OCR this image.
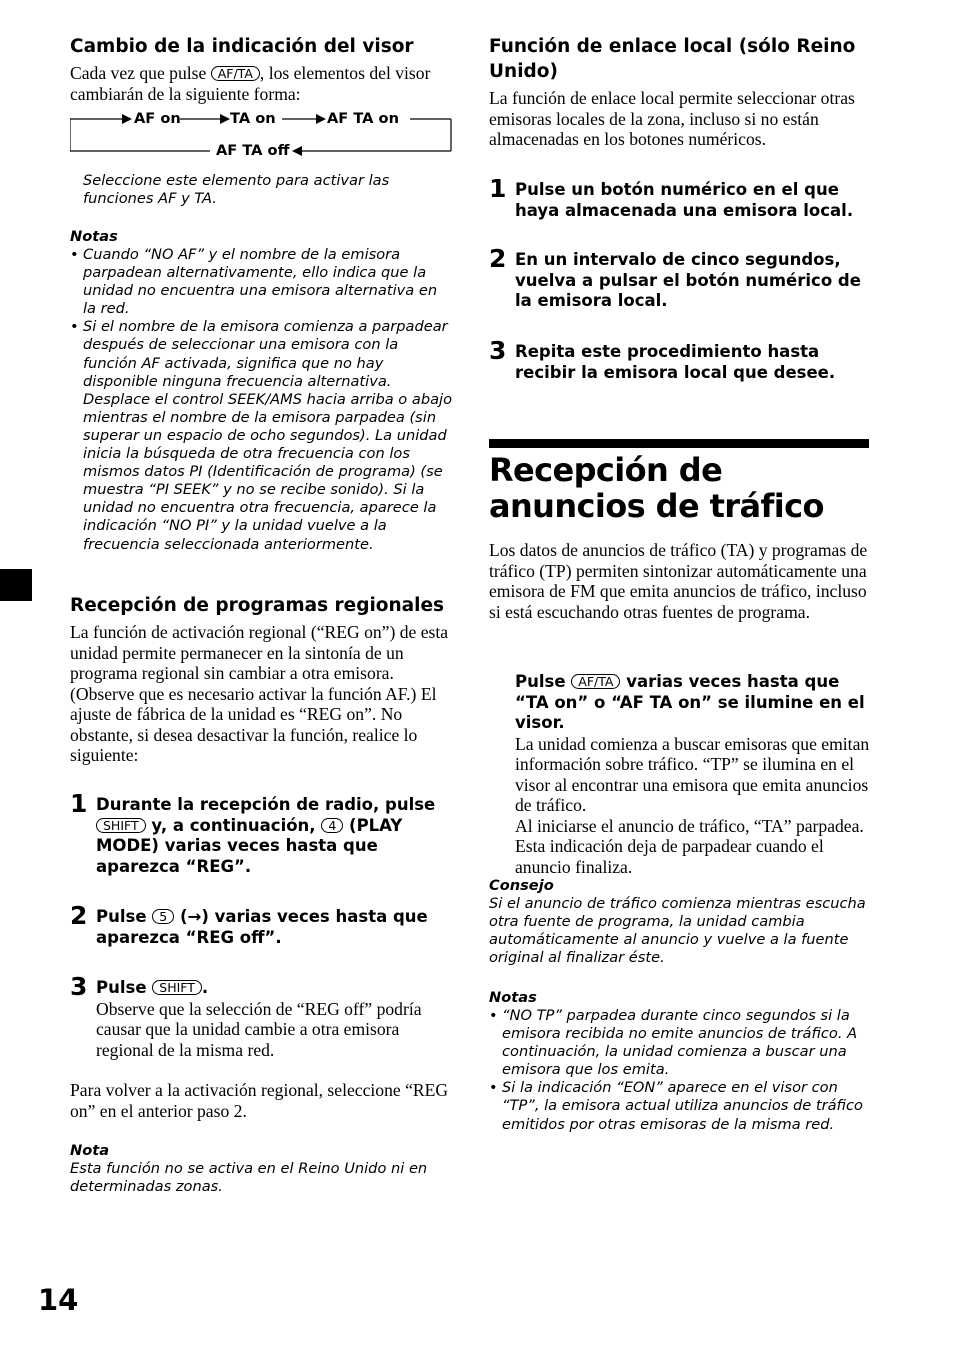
Cambio de la indicación del visor

Cada vez que pulse AF/TA , los elementos del visor cambiarán de la siguiente forma:

AF on	TA on	AF TA on
AF TA off

Seleccione este elemento para activar las funciones AF y TA.

Notas

• Cuando “NO AF” y el nombre de la emisora parpadean alternativamente, ello indica que la unidad no encuentra una emisora alternativa en la red.

• Si el nombre de la emisora comienza a parpadear después de seleccionar una emisora con la función AF activada, significa que no hay disponible ninguna frecuencia alternativa. Desplace el control SEEK/AMS hacia arriba o abajo mientras el nombre de la emisora parpadea (sin superar un espacio de ocho segundos). La unidad inicia la búsqueda de otra frecuencia con los mismos datos PI (Identificación de programa) (se muestra “PI SEEK” y no se recibe sonido). Si la unidad no encuentra otra frecuencia, aparece la indicación “NO PI” y la unidad vuelve a la frecuencia seleccionada anteriormente.

Recepción de programas regionales

La función de activación regional (“REG on”) de esta unidad permite permanecer en la sintonía de un programa regional sin cambiar a otra emisora. (Observe que es necesario activar la función AF.) El ajuste de fábrica de la unidad es “REG on”. No obstante, si desea desactivar la función, realice lo siguiente:

1 Durante la recepción de radio, pulse SHIFT y, a continuación, 4 (PLAY MODE) varias veces hasta que aparezca “REG”.
2 Pulse 5 (→) varias veces hasta que aparezca “REG off”.
3 Pulse SHIFT .
Observe que la selección de “REG off” podría causar que la unidad cambie a otra emisora regional de la misma red.

Para volver a la activación regional, seleccione “REG on” en el anterior paso 2.

Nota

Esta función no se activa en el Reino Unido ni en determinadas zonas.

14
Función de enlace local (sólo Reino Unido)

La función de enlace local permite seleccionar otras emisoras locales de la zona, incluso si no están almacenadas en los botones numéricos.

1 Pulse un botón numérico en el que haya almacenada una emisora local.
2 En un intervalo de cinco segundos, vuelva a pulsar el botón numérico de la emisora local.
3 Repita este procedimiento hasta recibir la emisora local que desee.
Recepción de anuncios de tráfico

Los datos de anuncios de tráfico (TA) y programas de tráfico (TP) permiten sintonizar automáticamente una emisora de FM que emita anuncios de tráfico, incluso si está escuchando otras fuentes de programa.

Pulse AF/TA varias veces hasta que “TA on” o “AF TA on” se ilumine en el visor.
La unidad comienza a buscar emisoras que emitan información sobre tráfico. “TP” se ilumina en el visor al encontrar una emisora que emita anuncios de tráfico.
Al iniciarse el anuncio de tráfico, “TA” parpadea. Esta indicación deja de parpadear cuando el anuncio finaliza.

Consejo

Si el anuncio de tráfico comienza mientras escucha otra fuente de programa, la unidad cambia automáticamente al anuncio y vuelve a la fuente original al finalizar éste.

Notas

• “NO TP” parpadea durante cinco segundos si la emisora recibida no emite anuncios de tráfico. A continuación, la unidad comienza a buscar una emisora que los emita.

• Si la indicación “EON” aparece en el visor con “TP”, la emisora actual utiliza anuncios de tráfico emitidos por otras emisoras de la misma red.
